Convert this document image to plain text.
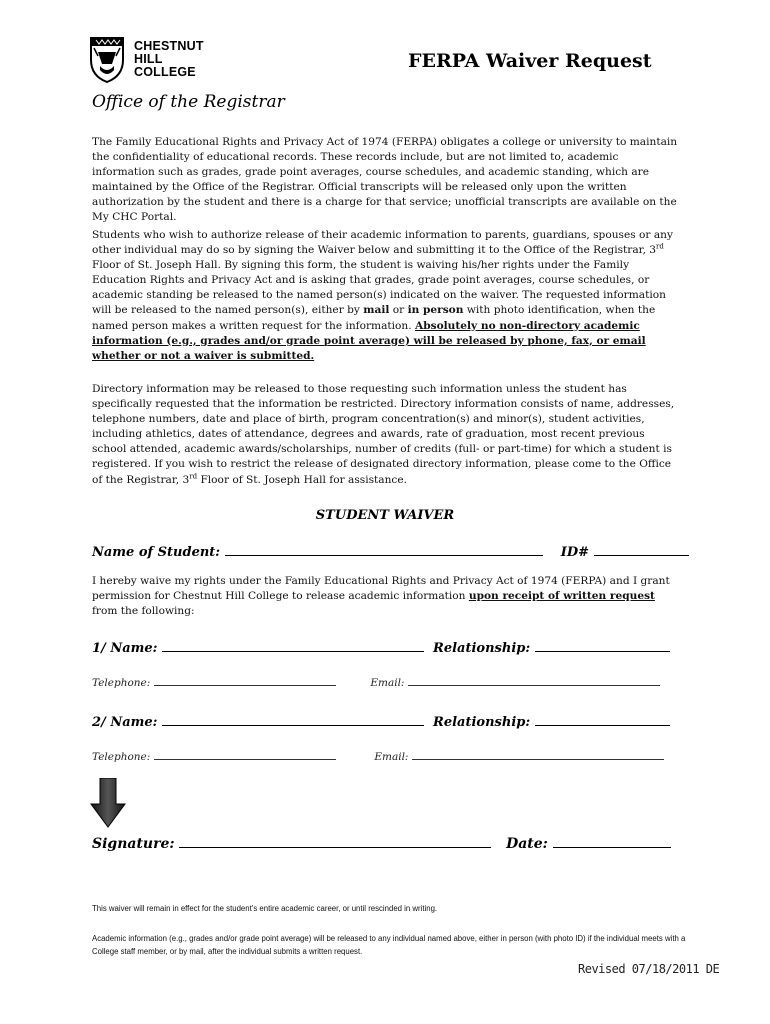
CHESTNUT
HILL
COLLEGE
Office of the Registrar
FERPA Waiver Request

The Family Educational Rights and Privacy Act of 1974 (FERPA) obligates a college or university to maintain the confidentiality of educational records. These records include, but are not limited to, academic information such as grades, grade point averages, course schedules, and academic standing, which are maintained by the Office of the Registrar. Official transcripts will be released only upon the written authorization by the student and there is a charge for that service; unofficial transcripts are available on the My CHC Portal.

Students who wish to authorize release of their academic information to parents, guardians, spouses or any other individual may do so by signing the Waiver below and submitting it to the Office of the Registrar, 3rd Floor of St. Joseph Hall. By signing this form, the student is waiving his/her rights under the Family Education Rights and Privacy Act and is asking that grades, grade point averages, course schedules, or academic standing be released to the named person(s) indicated on the waiver. The requested information will be released to the named person(s), either by mail or in person with photo identification, when the named person makes a written request for the information. Absolutely no non-directory academic information (e.g., grades and/or grade point average) will be released by phone, fax, or email whether or not a waiver is submitted.

Directory information may be released to those requesting such information unless the student has specifically requested that the information be restricted. Directory information consists of name, addresses, telephone numbers, date and place of birth, program concentration(s) and minor(s), student activities, including athletics, dates of attendance, degrees and awards, rate of graduation, most recent previous school attended, academic awards/scholarships, number of credits (full- or part-time) for which a student is registered. If you wish to restrict the release of designated directory information, please come to the Office of the Registrar, 3rd Floor of St. Joseph Hall for assistance.

STUDENT WAIVER
Name of Student:	ID#

I hereby waive my rights under the Family Educational Rights and Privacy Act of 1974 (FERPA) and I grant permission for Chestnut Hill College to release academic information upon receipt of written request from the following:

1/ Name:	Relationship:
Telephone:	Email:
2/ Name:	Relationship:
Telephone:	Email:
Signature:	Date:
This waiver will remain in effect for the student’s entire academic career, or until rescinded in writing.
Academic information (e.g., grades and/or grade point average) will be released to any individual named above, either in person (with photo ID) if the individual meets with a College staff member, or by mail, after the individual submits a written request.
Revised 07/18/2011 DE
